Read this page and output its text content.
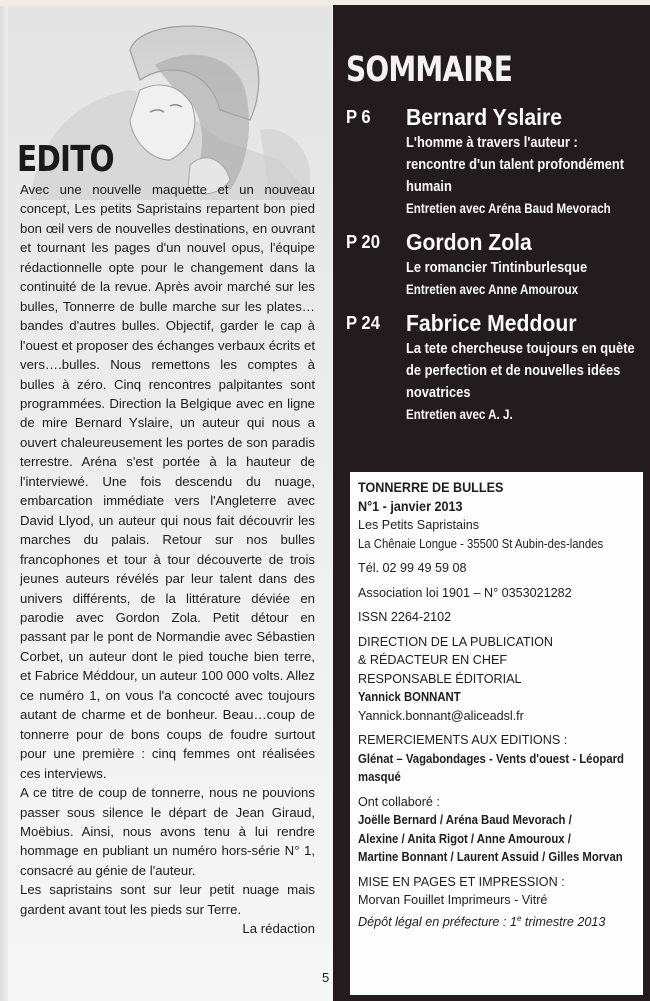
EDITO

Avec une nouvelle maquette et un nouveau concept, Les petits Sapristains repartent bon pied bon œil vers de nouvelles destinations, en ouvrant et tournant les pages d'un nouvel opus, l'équipe rédactionnelle opte pour le changement dans la continuité de la revue. Après avoir marché sur les bulles, Tonnerre de bulle marche sur les plates… bandes d'autres bulles. Objectif, garder le cap à l'ouest et proposer des échanges verbaux écrits et vers….bulles. Nous remettons les comptes à bulles à zéro. Cinq rencontres palpitantes sont programmées. Direction la Belgique avec en ligne de mire Bernard Yslaire, un auteur qui nous a ouvert chaleureusement les portes de son paradis terrestre. Aréna s'est portée à la hauteur de l'interviewé. Une fois descendu du nuage, embarcation immédiate vers l'Angleterre avec David Llyod, un auteur qui nous fait découvrir les marches du palais. Retour sur nos bulles francophones et tour à tour découverte de trois jeunes auteurs révélés par leur talent dans des univers différents, de la littérature déviée en parodie avec Gordon Zola. Petit détour en passant par le pont de Normandie avec Sébastien Corbet, un auteur dont le pied touche bien terre, et Fabrice Méddour, un auteur 100 000 volts. Allez ce numéro 1, on vous l'a concocté avec toujours autant de charme et de bonheur. Beau…coup de tonnerre pour de bons coups de foudre surtout pour une première : cinq femmes ont réalisées ces interviews.

A ce titre de coup de tonnerre, nous ne pouvions passer sous silence le départ de Jean Giraud, Moëbius. Ainsi, nous avons tenu à lui rendre hommage en publiant un numéro hors-série N° 1, consacré au génie de l'auteur.

Les sapristains sont sur leur petit nuage mais gardent avant tout les pieds sur Terre.

La rédaction

5
SOMMAIRE
P 6 Bernard Yslaire
L'homme à travers l'auteur : rencontre d'un talent profondément humain
Entretien avec Aréna Baud Mevorach
P 20 Gordon Zola
Le romancier Tintinburlesque
Entretien avec Anne Amouroux
P 24 Fabrice Meddour
La tete chercheuse toujours en quète de perfection et de nouvelles idées novatrices
Entretien avec A. J.
TONNERRE DE BULLES
N°1 - janvier 2013
Les Petits Sapristains
La Chênaie Longue - 35500 St Aubin-des-landes
Tél. 02 99 49 59 08
Association loi 1901 – N° 0353021282
ISSN 2264-2102
DIRECTION DE LA PUBLICATION
& RÉDACTEUR EN CHEF
RESPONSABLE ÉDITORIAL
Yannick BONNANT
Yannick.bonnant@aliceadsl.fr
REMERCIEMENTS AUX EDITIONS :
Glénat – Vagabondages - Vents d'ouest - Léopard
masqué
Ont collaboré :
Joëlle Bernard / Aréna Baud Mevorach /
Alexine / Anita Rigot / Anne Amouroux /
Martine Bonnant / Laurent Assuid / Gilles Morvan
MISE EN PAGES ET IMPRESSION :
Morvan Fouillet Imprimeurs - Vitré
Dépôt légal en préfecture : 1e trimestre 2013
